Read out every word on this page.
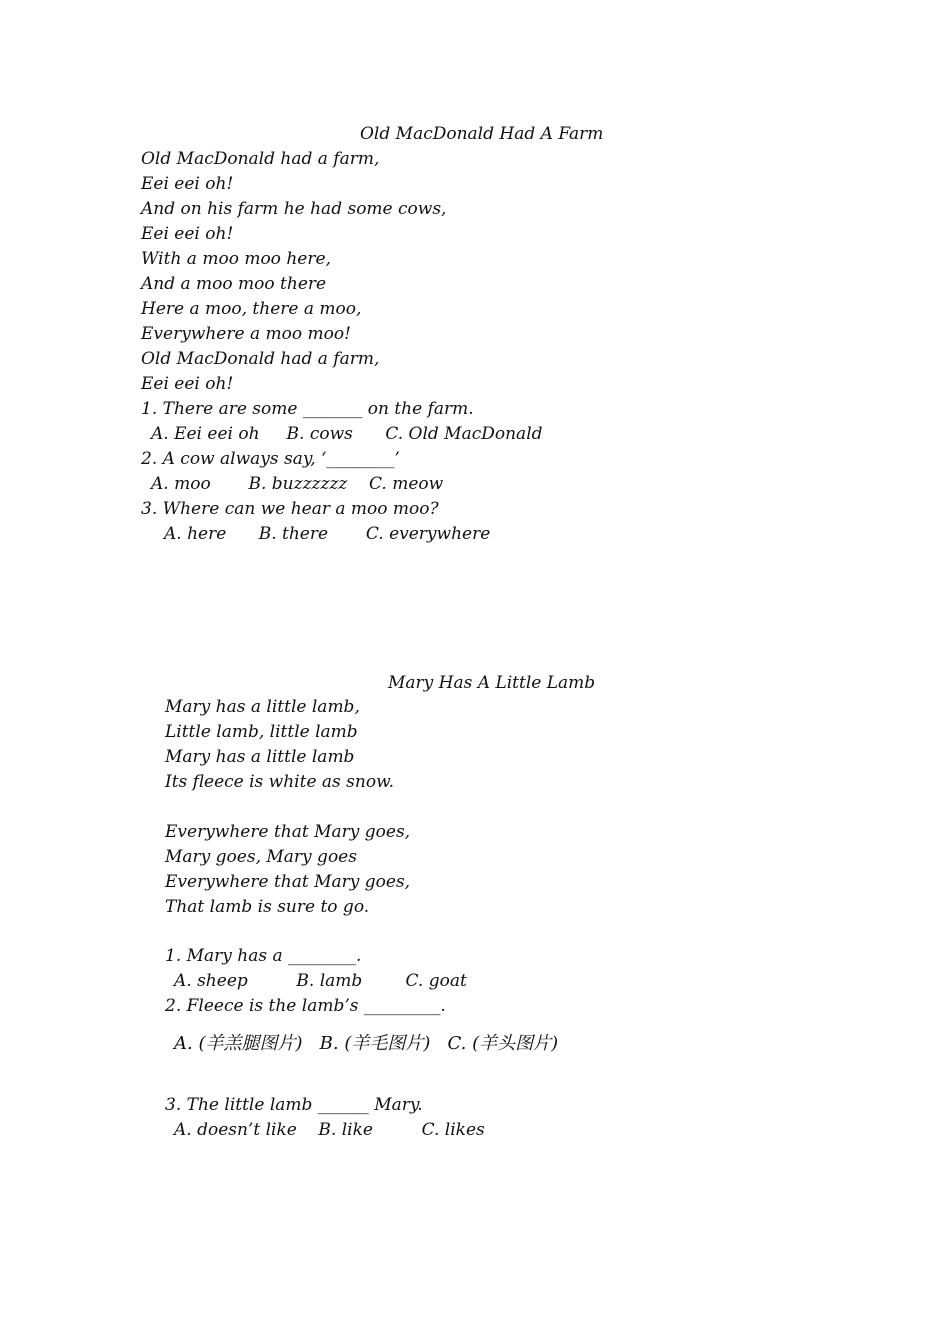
Old MacDonald Had A Farm
Old MacDonald had a farm,
Eei eei oh!
And on his farm he had some cows,
Eei eei oh!
With a moo moo here,
And a moo moo there
Here a moo, there a moo,
Everywhere a moo moo!
Old MacDonald had a farm,
Eei eei oh!
1. There are some _______ on the farm.
A. Eei eei oh     B. cows      C. Old MacDonald
2. A cow always say, ‘________’
A. moo       B. buzzzzzz    C. meow
3. Where can we hear a moo moo?
A. here      B. there       C. everywhere
Mary Has A Little Lamb
Mary has a little lamb,
Little lamb, little lamb
Mary has a little lamb
Its fleece is white as snow.
Everywhere that Mary goes,
Mary goes, Mary goes
Everywhere that Mary goes,
That lamb is sure to go.
1. Mary has a ________.
A. sheep         B. lamb        C. goat
2. Fleece is the lamb’s _________.
A. (羊羔腿图片)   B. (羊毛图片)   C. (羊头图片)
3. The little lamb ______ Mary.
A. doesn’t like    B. like         C. likes
